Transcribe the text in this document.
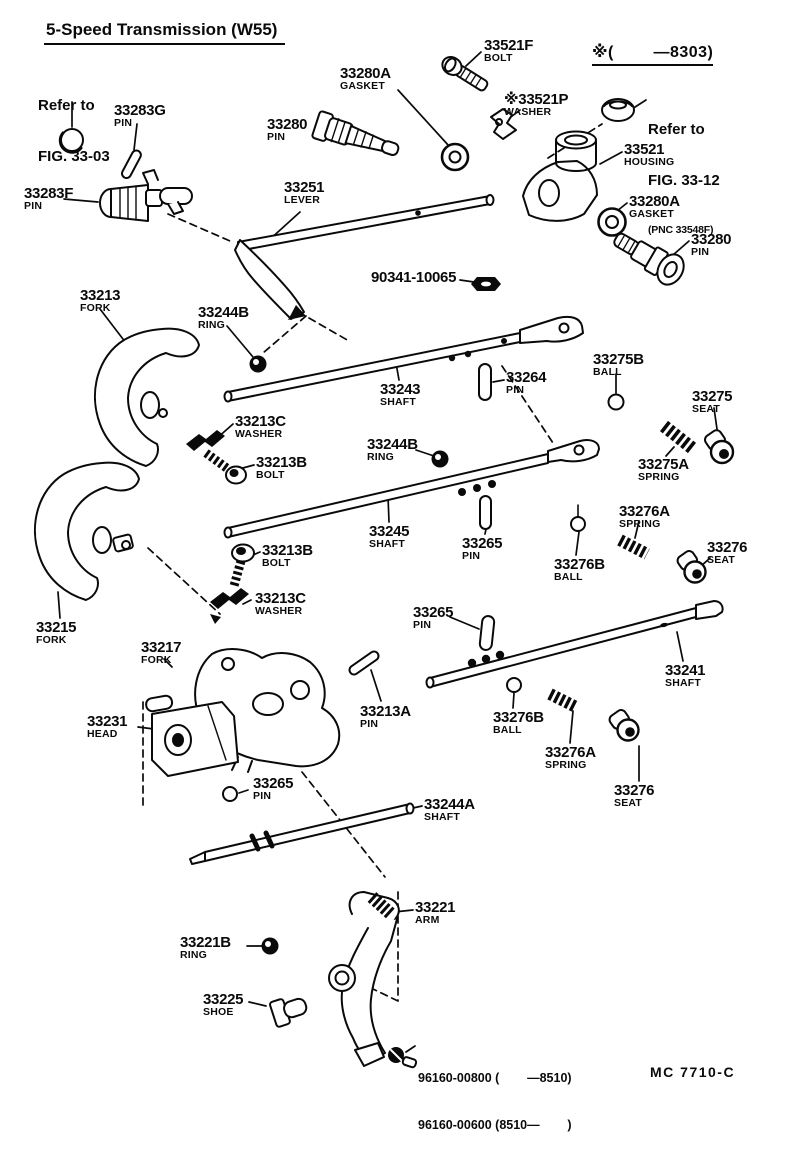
5-Speed Transmission (W55)

Refer to

FIG. 33-03

※(        —8303)

Refer to

FIG. 33-12

(PNC 33548F)

33283G
PIN
33283F
PIN
33280A
GASKET
33280
PIN
33521F
BOLT
※33521P
WASHER
33521
HOUSING
33280A
GASKET
33280
PIN
33251
LEVER
90341-10065
33213
FORK	33244B
RING
33243
SHAFT
33264
PIN
33275B
BALL
33275
SEAT
33213C
WASHER
33213B
BOLT
33244B
RING	33275A
SPRING
33276A
SPRING
33245
SHAFT	33265
PIN	33276B
BALL
33276
SEAT
33213B
BOLT
33213C
WASHER
33215
FORK	33217
FORK
33265
PIN
33241
SHAFT
33231
HEAD
33213A
PIN	33276B
BALL
33276A
SPRING
33276
SEAT
33265
PIN	33244A
SHAFT
33221
ARM
33221B
RING
33225
SHOE

96160-00800 (        —8510)

96160-00600 (8510—        )

MC 7710-C
